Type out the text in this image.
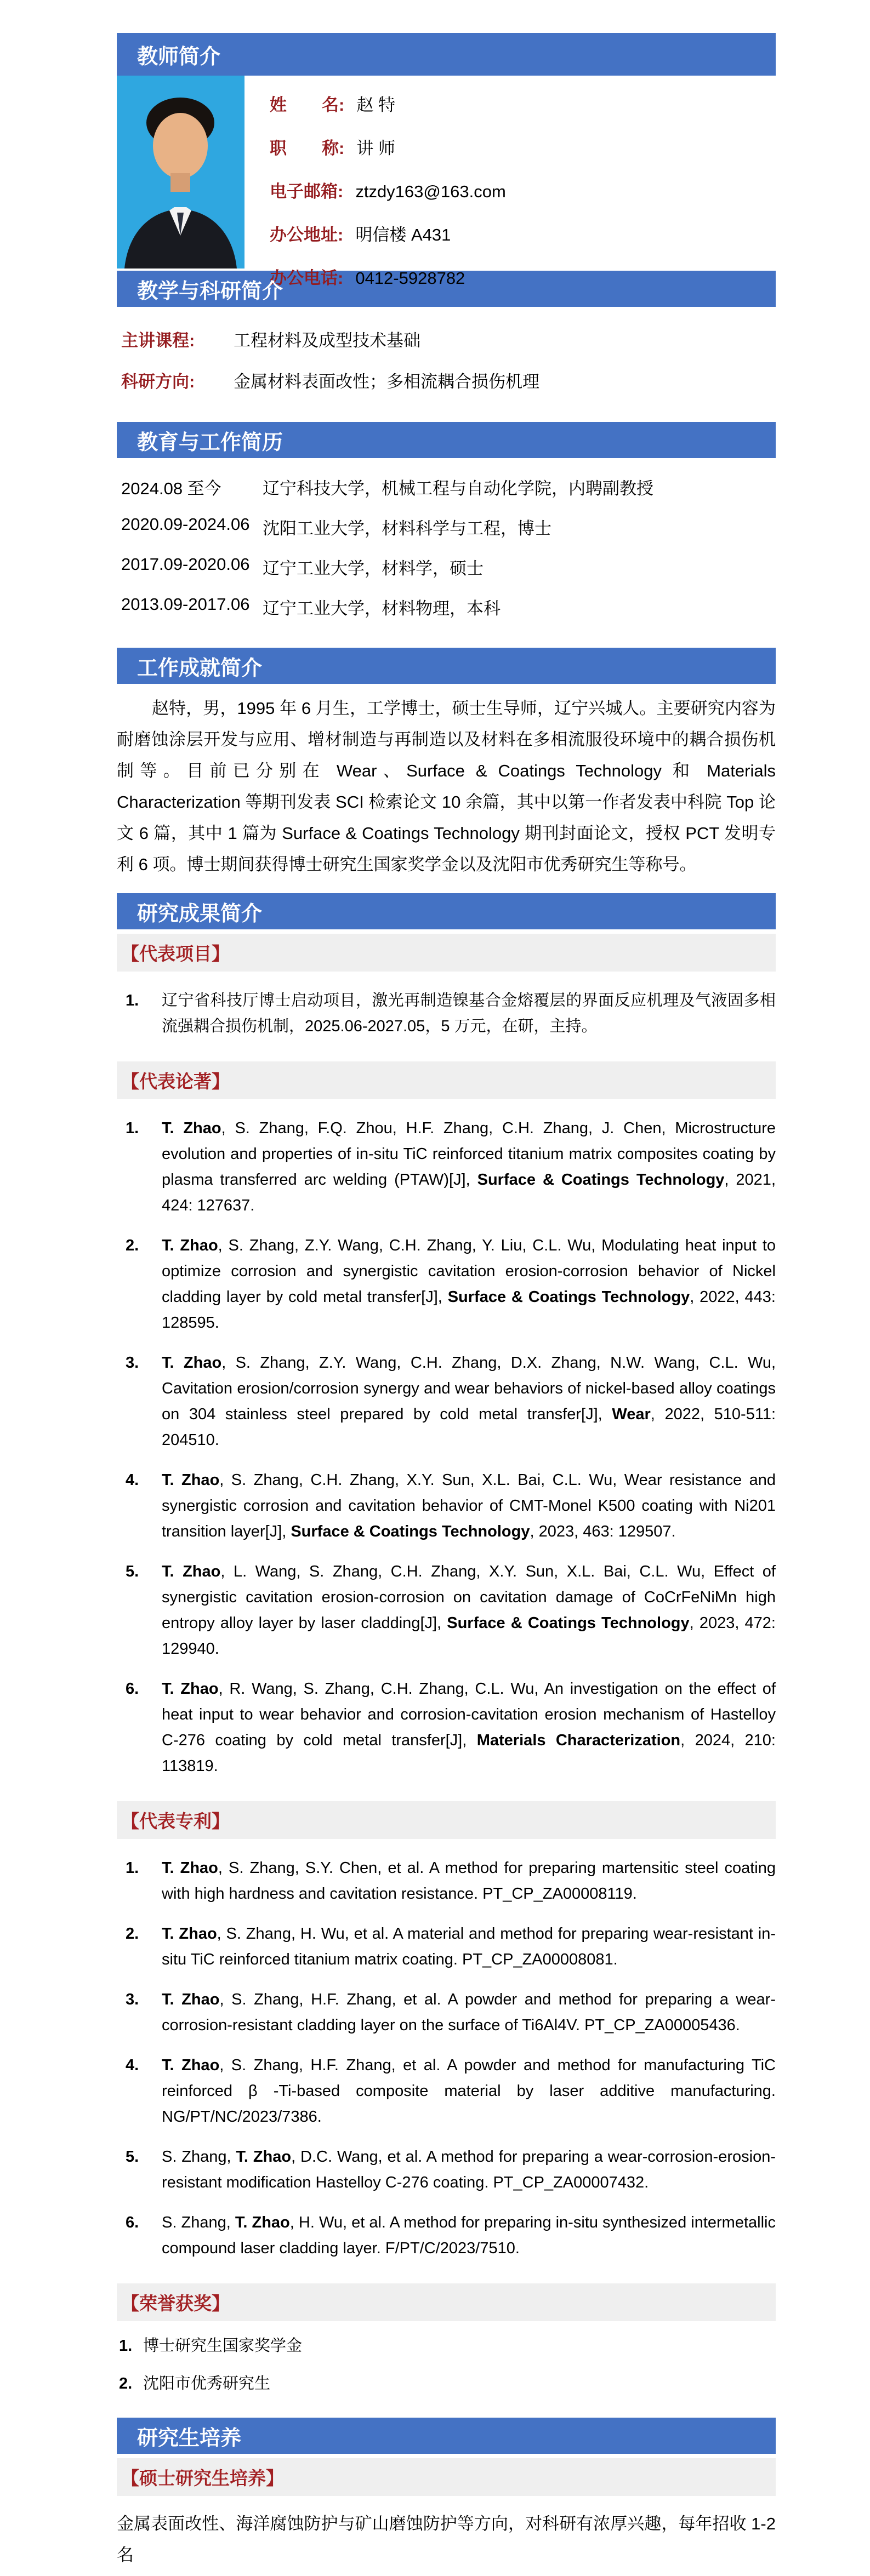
教师简介
姓名: 赵 特
职称: 讲 师
电子邮箱: ztzdy163@163.com
办公地址: 明信楼 A431
办公电话: 0412-5928782
教学与科研简介
主讲课程:	工程材料及成型技术基础
科研方向:	金属材料表面改性；多相流耦合损伤机理
教育与工作简历
2024.08 至今	辽宁科技大学，机械工程与自动化学院，内聘副教授
2020.09-2024.06 沈阳工业大学，材料科学与工程，博士
2017.09-2020.06 辽宁工业大学，材料学，硕士
2013.09-2017.06 辽宁工业大学，材料物理，本科
工作成就简介

赵特，男，1995 年 6 月生，工学博士，硕士生导师，辽宁兴城人。主要研究内容为耐磨蚀涂层开发与应用、增材制造与再制造以及材料在多相流服役环境中的耦合损伤机制等。目前已分别在 Wear、Surface & Coatings Technology 和 Materials Characterization 等期刊发表 SCI 检索论文 10 余篇，其中以第一作者发表中科院 Top 论文 6 篇，其中 1 篇为 Surface & Coatings Technology 期刊封面论文，授权 PCT 发明专利 6 项。博士期间获得博士研究生国家奖学金以及沈阳市优秀研究生等称号。

研究成果简介
【代表项目】
1. 辽宁省科技厅博士启动项目，激光再制造镍基合金熔覆层的界面反应机理及气液固多相流强耦合损伤机制，2025.06-2027.05，5 万元，在研，主持。
【代表论著】
1. T. Zhao, S. Zhang, F.Q. Zhou, H.F. Zhang, C.H. Zhang, J. Chen, Microstructure evolution and properties of in-situ TiC reinforced titanium matrix composites coating by plasma transferred arc welding (PTAW)[J], Surface & Coatings Technology, 2021, 424: 127637.
2. T. Zhao, S. Zhang, Z.Y. Wang, C.H. Zhang, Y. Liu, C.L. Wu, Modulating heat input to optimize corrosion and synergistic cavitation erosion-corrosion behavior of Nickel cladding layer by cold metal transfer[J], Surface & Coatings Technology, 2022, 443: 128595.
3. T. Zhao, S. Zhang, Z.Y. Wang, C.H. Zhang, D.X. Zhang, N.W. Wang, C.L. Wu, Cavitation erosion/corrosion synergy and wear behaviors of nickel-based alloy coatings on 304 stainless steel prepared by cold metal transfer[J], Wear, 2022, 510-511: 204510.
4. T. Zhao, S. Zhang, C.H. Zhang, X.Y. Sun, X.L. Bai, C.L. Wu, Wear resistance and synergistic corrosion and cavitation behavior of CMT-Monel K500 coating with Ni201 transition layer[J], Surface & Coatings Technology, 2023, 463: 129507.
5. T. Zhao, L. Wang, S. Zhang, C.H. Zhang, X.Y. Sun, X.L. Bai, C.L. Wu, Effect of synergistic cavitation erosion-corrosion on cavitation damage of CoCrFeNiMn high entropy alloy layer by laser cladding[J], Surface & Coatings Technology, 2023, 472: 129940.
6. T. Zhao, R. Wang, S. Zhang, C.H. Zhang, C.L. Wu, An investigation on the effect of heat input to wear behavior and corrosion-cavitation erosion mechanism of Hastelloy C-276 coating by cold metal transfer[J], Materials Characterization, 2024, 210: 113819.
【代表专利】
1. T. Zhao, S. Zhang, S.Y. Chen, et al. A method for preparing martensitic steel coating with high hardness and cavitation resistance. PT_CP_ZA00008119.
2. T. Zhao, S. Zhang, H. Wu, et al. A material and method for preparing wear-resistant in-situ TiC reinforced titanium matrix coating. PT_CP_ZA00008081.
3. T. Zhao, S. Zhang, H.F. Zhang, et al. A powder and method for preparing a wear-corrosion-resistant cladding layer on the surface of Ti6Al4V. PT_CP_ZA00005436.
4. T. Zhao, S. Zhang, H.F. Zhang, et al. A powder and method for manufacturing TiC reinforced β -Ti-based composite material by laser additive manufacturing. NG/PT/NC/2023/7386.
5. S. Zhang, T. Zhao, D.C. Wang, et al. A method for preparing a wear-corrosion-erosion-resistant modification Hastelloy C-276 coating. PT_CP_ZA00007432.
6. S. Zhang, T. Zhao, H. Wu, et al. A method for preparing in-situ synthesized intermetallic compound laser cladding layer. F/PT/C/2023/7510.
【荣誉获奖】
1. 博士研究生国家奖学金
2. 沈阳市优秀研究生
研究生培养
【硕士研究生培养】

金属表面改性、海洋腐蚀防护与矿山磨蚀防护等方向，对科研有浓厚兴趣，每年招收 1-2 名
